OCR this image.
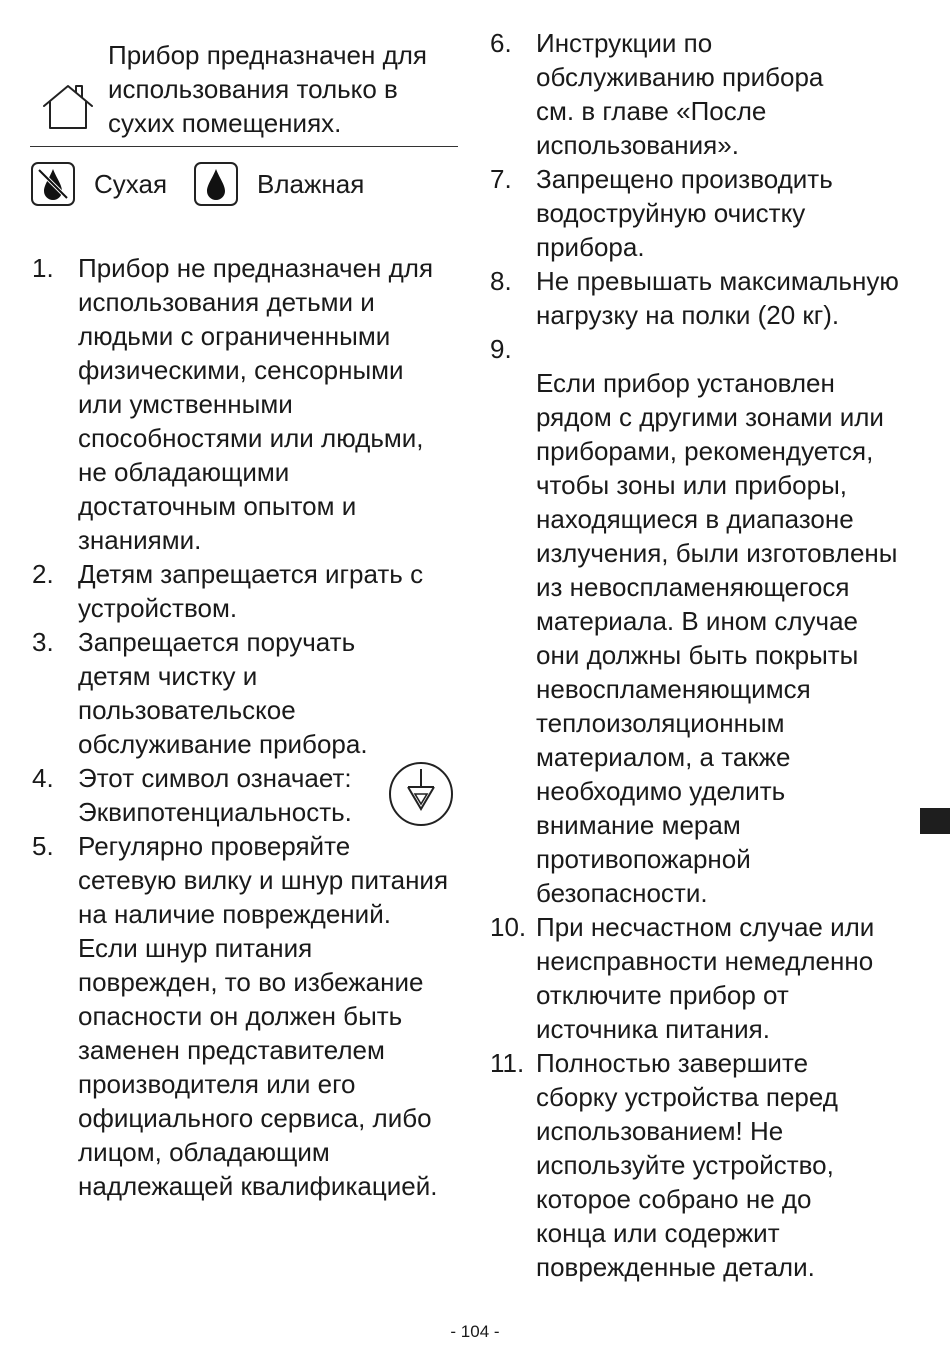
Прибор предназначен для использования только в сухих помещениях.
Сухая	Влажная
1. Прибор не предназначен для использования детьми и людьми с ограниченными физическими, сенсорными или умственными способностями или людьми, не обладающими достаточным опытом и знаниями.
2. Детям запрещается играть с устройством.
3. Запрещается поручать детям чистку и пользовательское обслуживание прибора.
4. Этот символ означает: Эквипотенциальность.
5. Регулярно проверяйте сетевую вилку и шнур питания на наличие повреждений. Если шнур питания поврежден, то во избежание опасности он должен быть заменен представителем производителя или его официального сервиса, либо лицом, обладающим надлежащей квалификацией.
6. Инструкции по обслуживанию прибора см. в главе «После использования».
7. Запрещено производить водоструйную очистку прибора.
8. Не превышать максимальную нагрузку на полки (20 кг).
9.
Если прибор установлен рядом с другими зонами или приборами, рекомендуется, чтобы зоны или приборы, находящиеся в диапазоне излучения, были изготовлены из невоспламеняющегося материала. В ином случае они должны быть покрыты невоспламеняющимся теплоизоляционным материалом, а также необходимо уделить внимание мерам противопожарной безопасности.
10. При несчастном случае или неисправности немедленно отключите прибор от источника питания.
11. Полностью завершите сборку устройства перед использованием! Не используйте устройство, которое собрано не до конца или содержит поврежденные детали.
- 104 -
